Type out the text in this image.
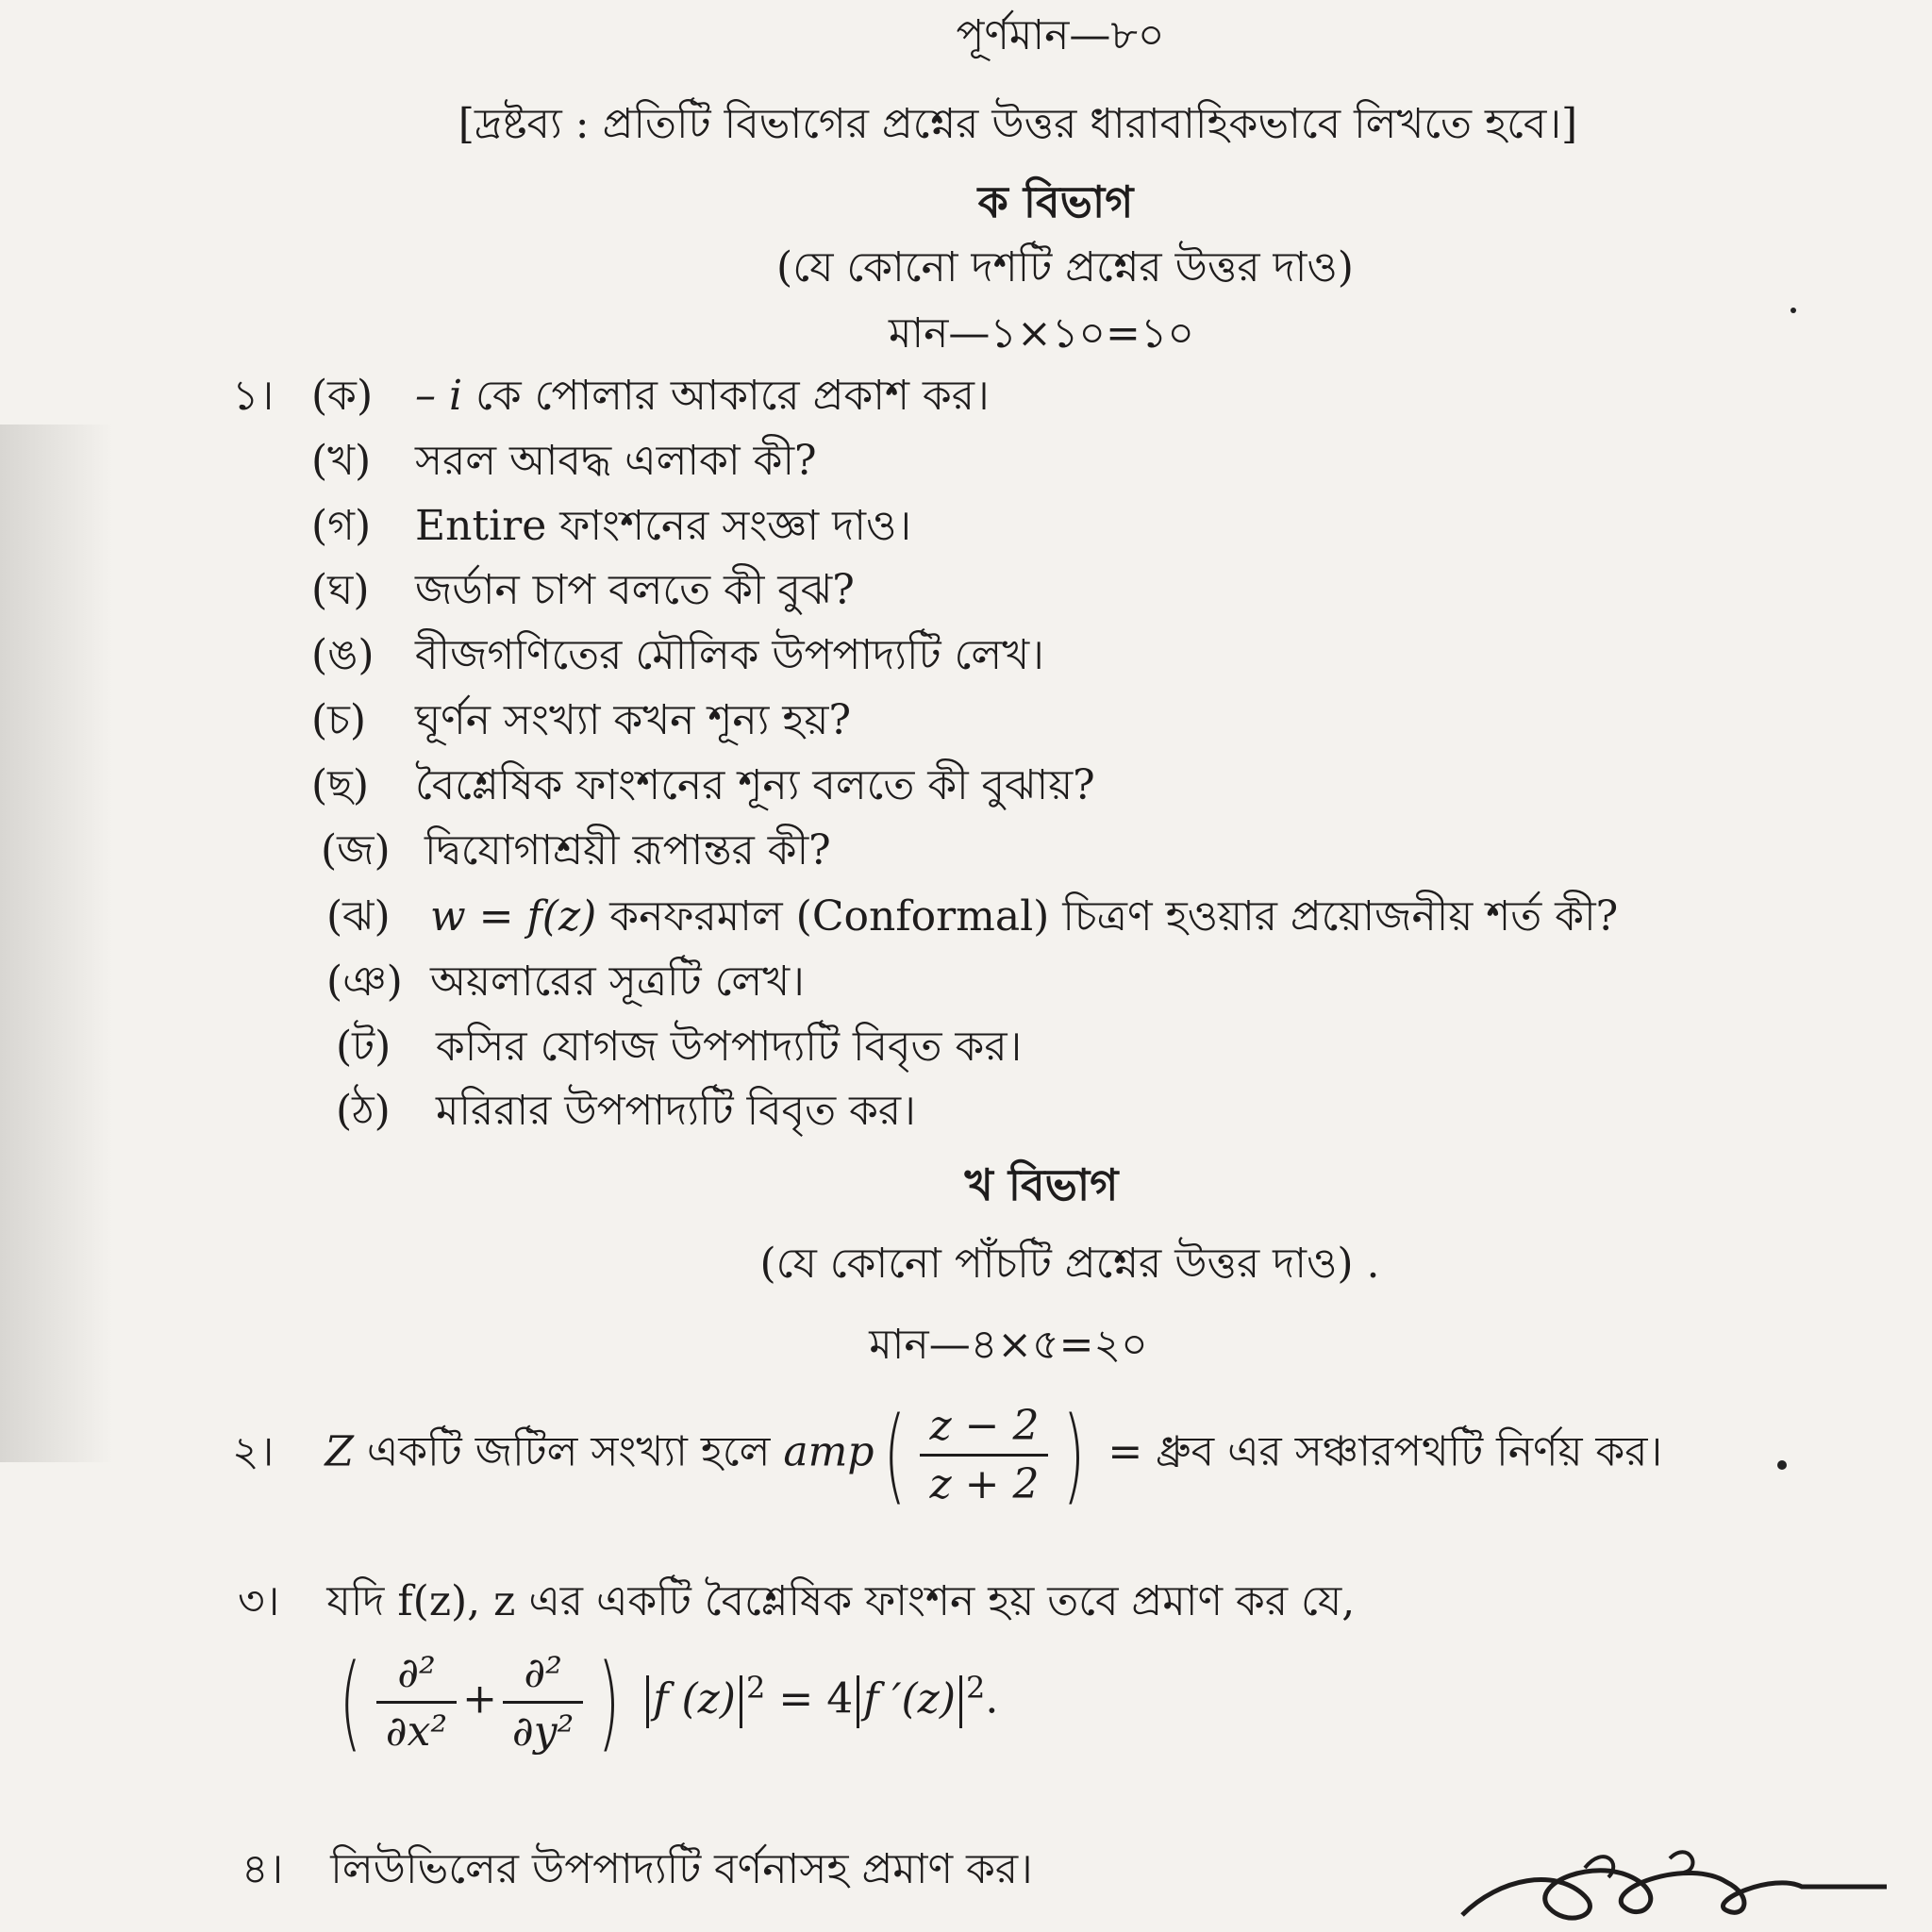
পূর্ণমান—৮০
[দ্রষ্টব্য : প্রতিটি বিভাগের প্রশ্নের উত্তর ধারাবাহিকভাবে লিখতে হবে।]
ক বিভাগ
(যে কোনো দশটি প্রশ্নের উত্তর দাও)
মান—১×১০=১০
১। (ক) – i কে পোলার আকারে প্রকাশ কর।
(খ) সরল আবদ্ধ এলাকা কী?
(গ) Entire ফাংশনের সংজ্ঞা দাও।
(ঘ) জর্ডান চাপ বলতে কী বুঝ?
(ঙ) বীজগণিতের মৌলিক উপপাদ্যটি লেখ।
(চ) ঘূর্ণন সংখ্যা কখন শূন্য হয়?
(ছ) বৈশ্লেষিক ফাংশনের শূন্য বলতে কী বুঝায়?
(জ) দ্বিযোগাশ্রয়ী রূপান্তর কী?
(ঝ) w = f(z) কনফরমাল (Conformal) চিত্রণ হওয়ার প্রয়োজনীয় শর্ত কী?
(ঞ) অয়লারের সূত্রটি লেখ।
(ট) কসির যোগজ উপপাদ্যটি বিবৃত কর।
(ঠ) মরিরার উপপাদ্যটি বিবৃত কর।
খ বিভাগ
(যে কোনো পাঁচটি প্রশ্নের উত্তর দাও) .
মান—৪×৫=২০
২। Z একটি জটিল সংখ্যা হলে $amp( \frac{z - 2}{z + 2}$ ) = ধ্রুব এর সঞ্চারপথটি নির্ণয় কর।
৩। যদি f(z), z এর একটি বৈশ্লেষিক ফাংশন হয় তবে প্রমাণ কর যে,
( $\frac{\text{∂²}}{\text{∂x²}} + \frac{\text{∂²}}{\text{∂y²}}$ ) f (z) $^2$ = 4 f ′(z) $^2$.
৪। লিউভিলের উপপাদ্যটি বর্ণনাসহ প্রমাণ কর।
